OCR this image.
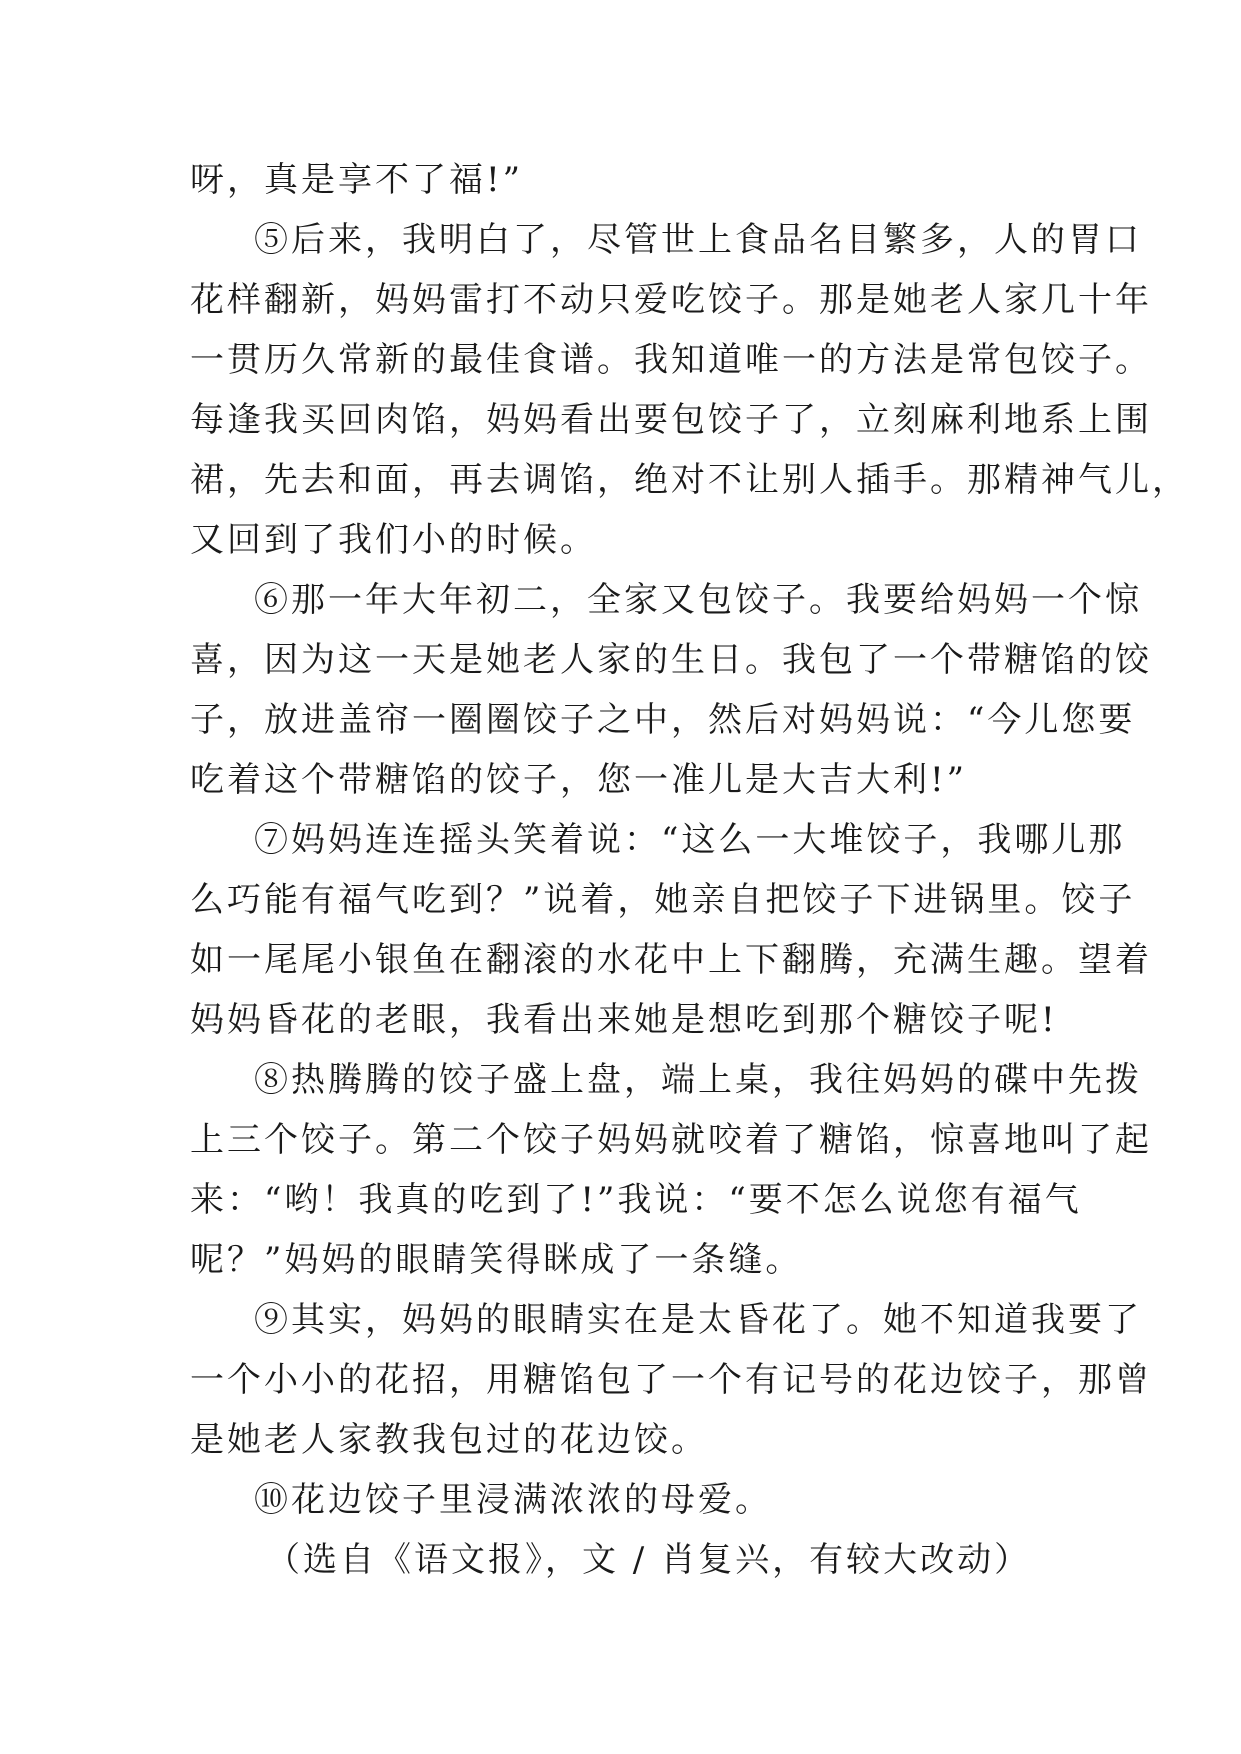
呀，真是享不了福!”
⑤后来，我明白了，尽管世上食品名目繁多，人的胃口
花样翻新，妈妈雷打不动只爱吃饺子。那是她老人家几十年
一贯历久常新的最佳食谱。我知道唯一的方法是常包饺子。
每逢我买回肉馅，妈妈看出要包饺子了，立刻麻利地系上围
裙，先去和面，再去调馅，绝对不让别人插手。那精神气儿，
又回到了我们小的时候。
⑥那一年大年初二，全家又包饺子。我要给妈妈一个惊
喜，因为这一天是她老人家的生日。我包了一个带糖馅的饺
子，放进盖帘一圈圈饺子之中，然后对妈妈说：“今儿您要
吃着这个带糖馅的饺子，您一准儿是大吉大利!”
⑦妈妈连连摇头笑着说：“这么一大堆饺子，我哪儿那
么巧能有福气吃到？”说着，她亲自把饺子下进锅里。饺子
如一尾尾小银鱼在翻滚的水花中上下翻腾，充满生趣。望着
妈妈昏花的老眼，我看出来她是想吃到那个糖饺子呢!
⑧热腾腾的饺子盛上盘，端上桌，我往妈妈的碟中先拨
上三个饺子。第二个饺子妈妈就咬着了糖馅，惊喜地叫了起
来：“哟！我真的吃到了!”我说：“要不怎么说您有福气
呢？”妈妈的眼睛笑得眯成了一条缝。
⑨其实，妈妈的眼睛实在是太昏花了。她不知道我要了
一个小小的花招，用糖馅包了一个有记号的花边饺子，那曾
是她老人家教我包过的花边饺。
⑩花边饺子里浸满浓浓的母爱。
（选自《语文报》，文 / 肖复兴，有较大改动）
